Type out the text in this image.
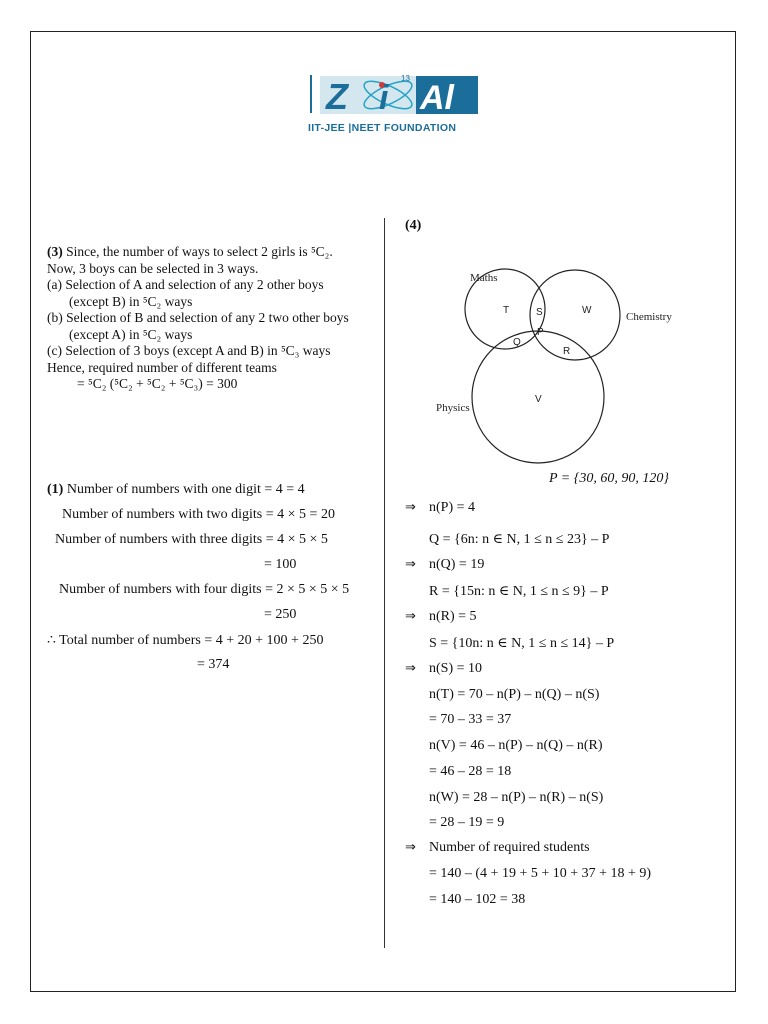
Z i
13
Al
IIT-JEE |NEET FOUNDATION

(3) Since, the number of ways to select 2 girls is ⁵C₂.

Now, 3 boys can be selected in 3 ways.

(a) Selection of A and selection of any 2 other boys

(except B) in ⁵C₂ ways

(b) Selection of B and selection of any 2 two other boys

(except A) in ⁵C₂ ways

(c) Selection of 3 boys (except A and B) in ⁵C₃ ways

Hence, required number of different teams

= ⁵C₂ (⁵C₂ + ⁵C₂ + ⁵C₃) = 300

(1) Number of numbers with one digit = 4 = 4
Number of numbers with two digits = 4 × 5 = 20
Number of numbers with three digits = 4 × 5 × 5
= 100
Number of numbers with four digits = 2 × 5 × 5 × 5
= 250
∴ Total number of numbers = 4 + 20 + 100 + 250
= 374
(4)
Maths
Chemistry
Physics
T	S	W
P
Q
R
V
P = {30, 60, 90, 120}
⇒ n(P) = 4
Q = {6n: n ∈ N, 1 ≤ n ≤ 23} – P
⇒ n(Q) = 19
R = {15n: n ∈ N, 1 ≤ n ≤ 9} – P
⇒ n(R) = 5
S = {10n: n ∈ N, 1 ≤ n ≤ 14} – P
⇒ n(S) = 10
n(T) = 70 – n(P) – n(Q) – n(S)
= 70 – 33 = 37
n(V) = 46 – n(P) – n(Q) – n(R)
= 46 – 28 = 18
n(W) = 28 – n(P) – n(R) – n(S)
= 28 – 19 = 9
⇒ Number of required students
= 140 – (4 + 19 + 5 + 10 + 37 + 18 + 9)
= 140 – 102 = 38
